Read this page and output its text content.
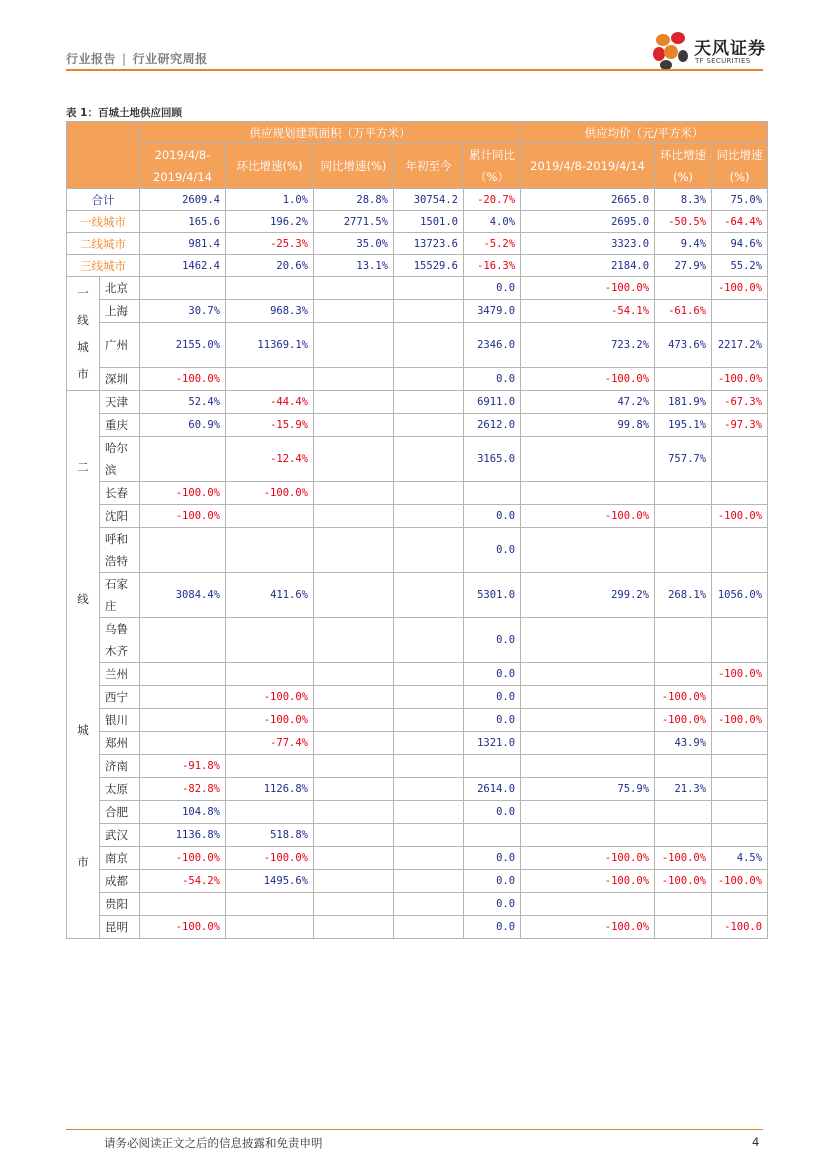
行业报告 | 行业研究周报	天风证券
TF SECURITIES
表 1：百城土地供应回顾
		供应规划建筑面积（万平方米）					供应均价（元/平方米）		
		2019/4/8-2019/4/14	环比增速(%)	同比增速(%)	年初至今	累计同比（%）	2019/4/8-2019/4/14	环比增速(%)	同比增速(%)
合计		2609.4	1.0%	28.8%	30754.2	-20.7%	2665.0	8.3%	75.0%
一线城市		165.6	196.2%	2771.5%	1501.0	4.0%	2695.0	-50.5%	-64.4%
二线城市		981.4	-25.3%	35.0%	13723.6	-5.2%	3323.0	9.4%	94.6%
三线城市		1462.4	20.6%	13.1%	15529.6	-16.3%	2184.0	27.9%	55.2%

一
线
城
市	北京					0.0	-100.0%		-100.0%
	上海	30.7%	968.3%			3479.0	-54.1%	-61.6%	
	广州	2155.0%	11369.1%			2346.0	723.2%	473.6%	2217.2%
	深圳	-100.0%				0.0	-100.0%		-100.0%

二
线
城
市	天津	52.4%	-44.4%			6911.0	47.2%	181.9%	-67.3%
	重庆	60.9%	-15.9%			2612.0	99.8%	195.1%	-97.3%
	哈尔滨		-12.4%			3165.0		757.7%	
	长春	-100.0%	-100.0%						
	沈阳	-100.0%				0.0	-100.0%		-100.0%
	呼和浩特					0.0			
	石家庄	3084.4%	411.6%			5301.0	299.2%	268.1%	1056.0%
	乌鲁木齐					0.0			
	兰州					0.0			-100.0%
	西宁		-100.0%			0.0		-100.0%	
	银川		-100.0%			0.0		-100.0%	-100.0%
	郑州		-77.4%			1321.0		43.9%	
	济南	-91.8%							
	太原	-82.8%	1126.8%			2614.0	75.9%	21.3%	
	合肥	104.8%				0.0			
	武汉	1136.8%	518.8%						
	南京	-100.0%	-100.0%			0.0	-100.0%	-100.0%	4.5%
	成都	-54.2%	1495.6%			0.0	-100.0%	-100.0%	-100.0%
	贵阳					0.0			
	昆明	-100.0%				0.0	-100.0%		-100.0
请务必阅读正文之后的信息披露和免责申明	4
